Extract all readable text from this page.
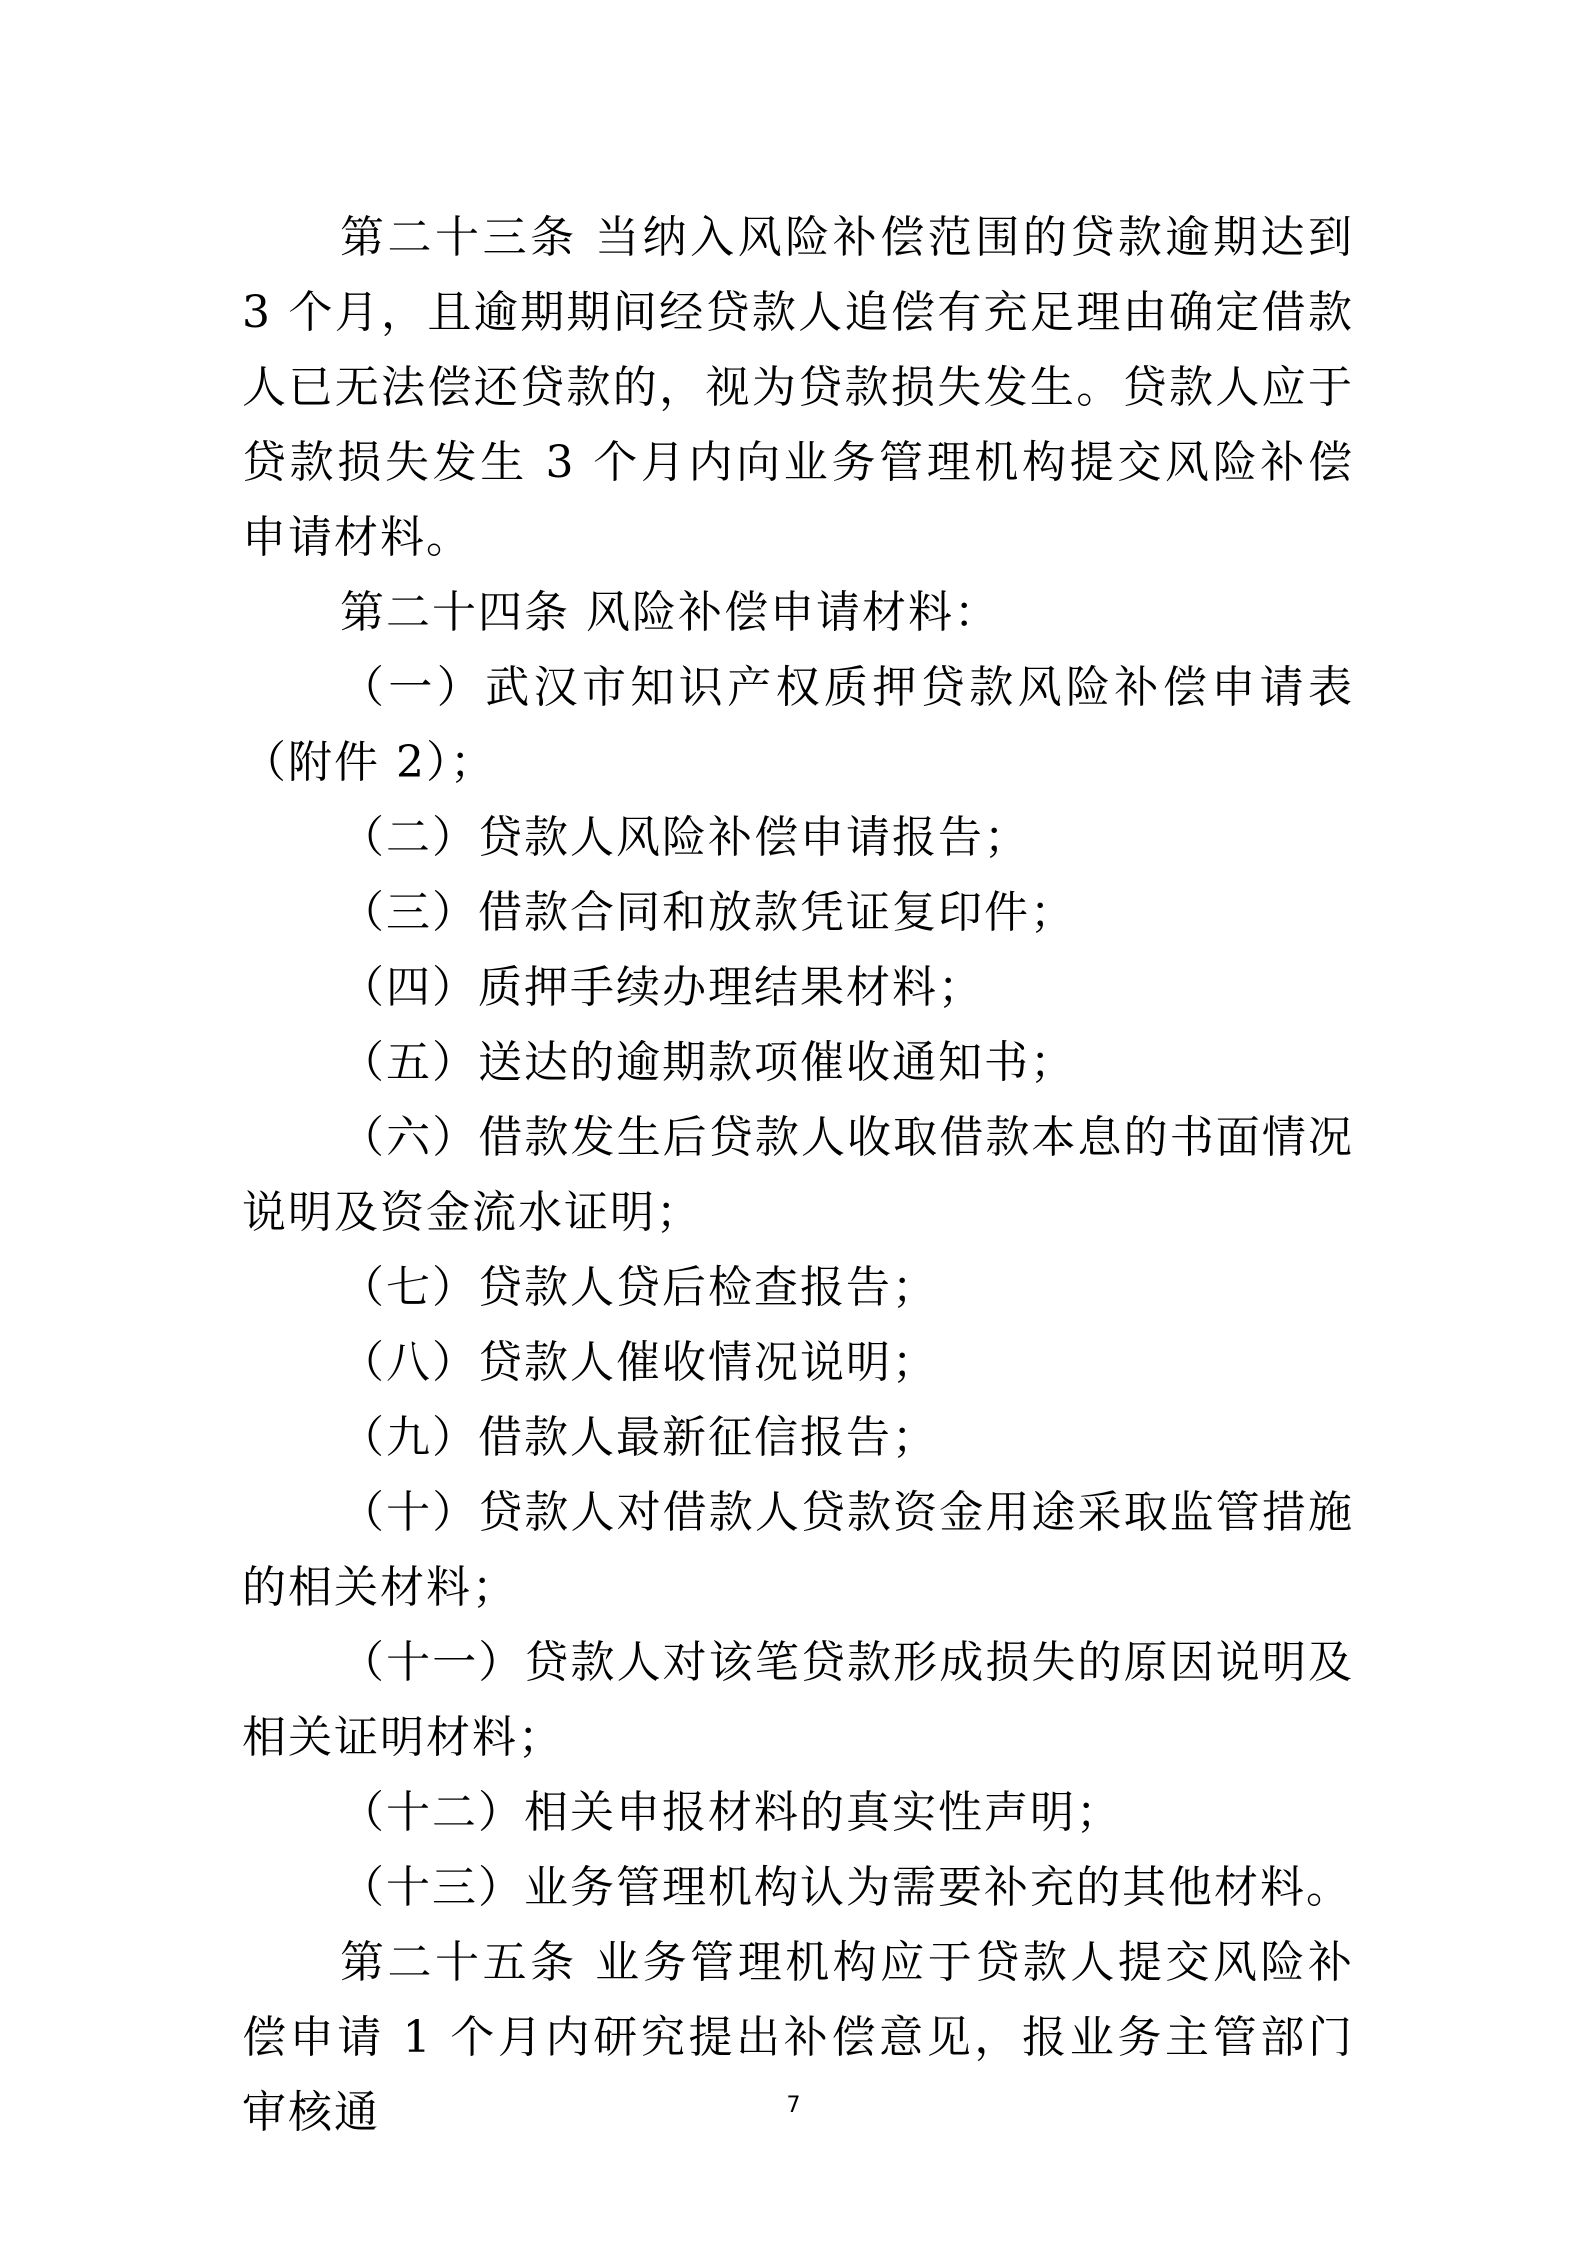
第二十三条 当纳入风险补偿范围的贷款逾期达到 3 个月，且逾期期间经贷款人追偿有充足理由确定借款人已无法偿还贷款的，视为贷款损失发生。贷款人应于贷款损失发生 3 个月内向业务管理机构提交风险补偿申请材料。

第二十四条 风险补偿申请材料：

（一）武汉市知识产权质押贷款风险补偿申请表（附件 2）；

（二）贷款人风险补偿申请报告；

（三）借款合同和放款凭证复印件；

（四）质押手续办理结果材料；

（五）送达的逾期款项催收通知书；

（六）借款发生后贷款人收取借款本息的书面情况说明及资金流水证明；

（七）贷款人贷后检查报告；

（八）贷款人催收情况说明；

（九）借款人最新征信报告；

（十）贷款人对借款人贷款资金用途采取监管措施的相关材料；

（十一）贷款人对该笔贷款形成损失的原因说明及相关证明材料；

（十二）相关申报材料的真实性声明；

（十三）业务管理机构认为需要补充的其他材料。

第二十五条 业务管理机构应于贷款人提交风险补偿申请 1 个月内研究提出补偿意见，报业务主管部门审核通	7
